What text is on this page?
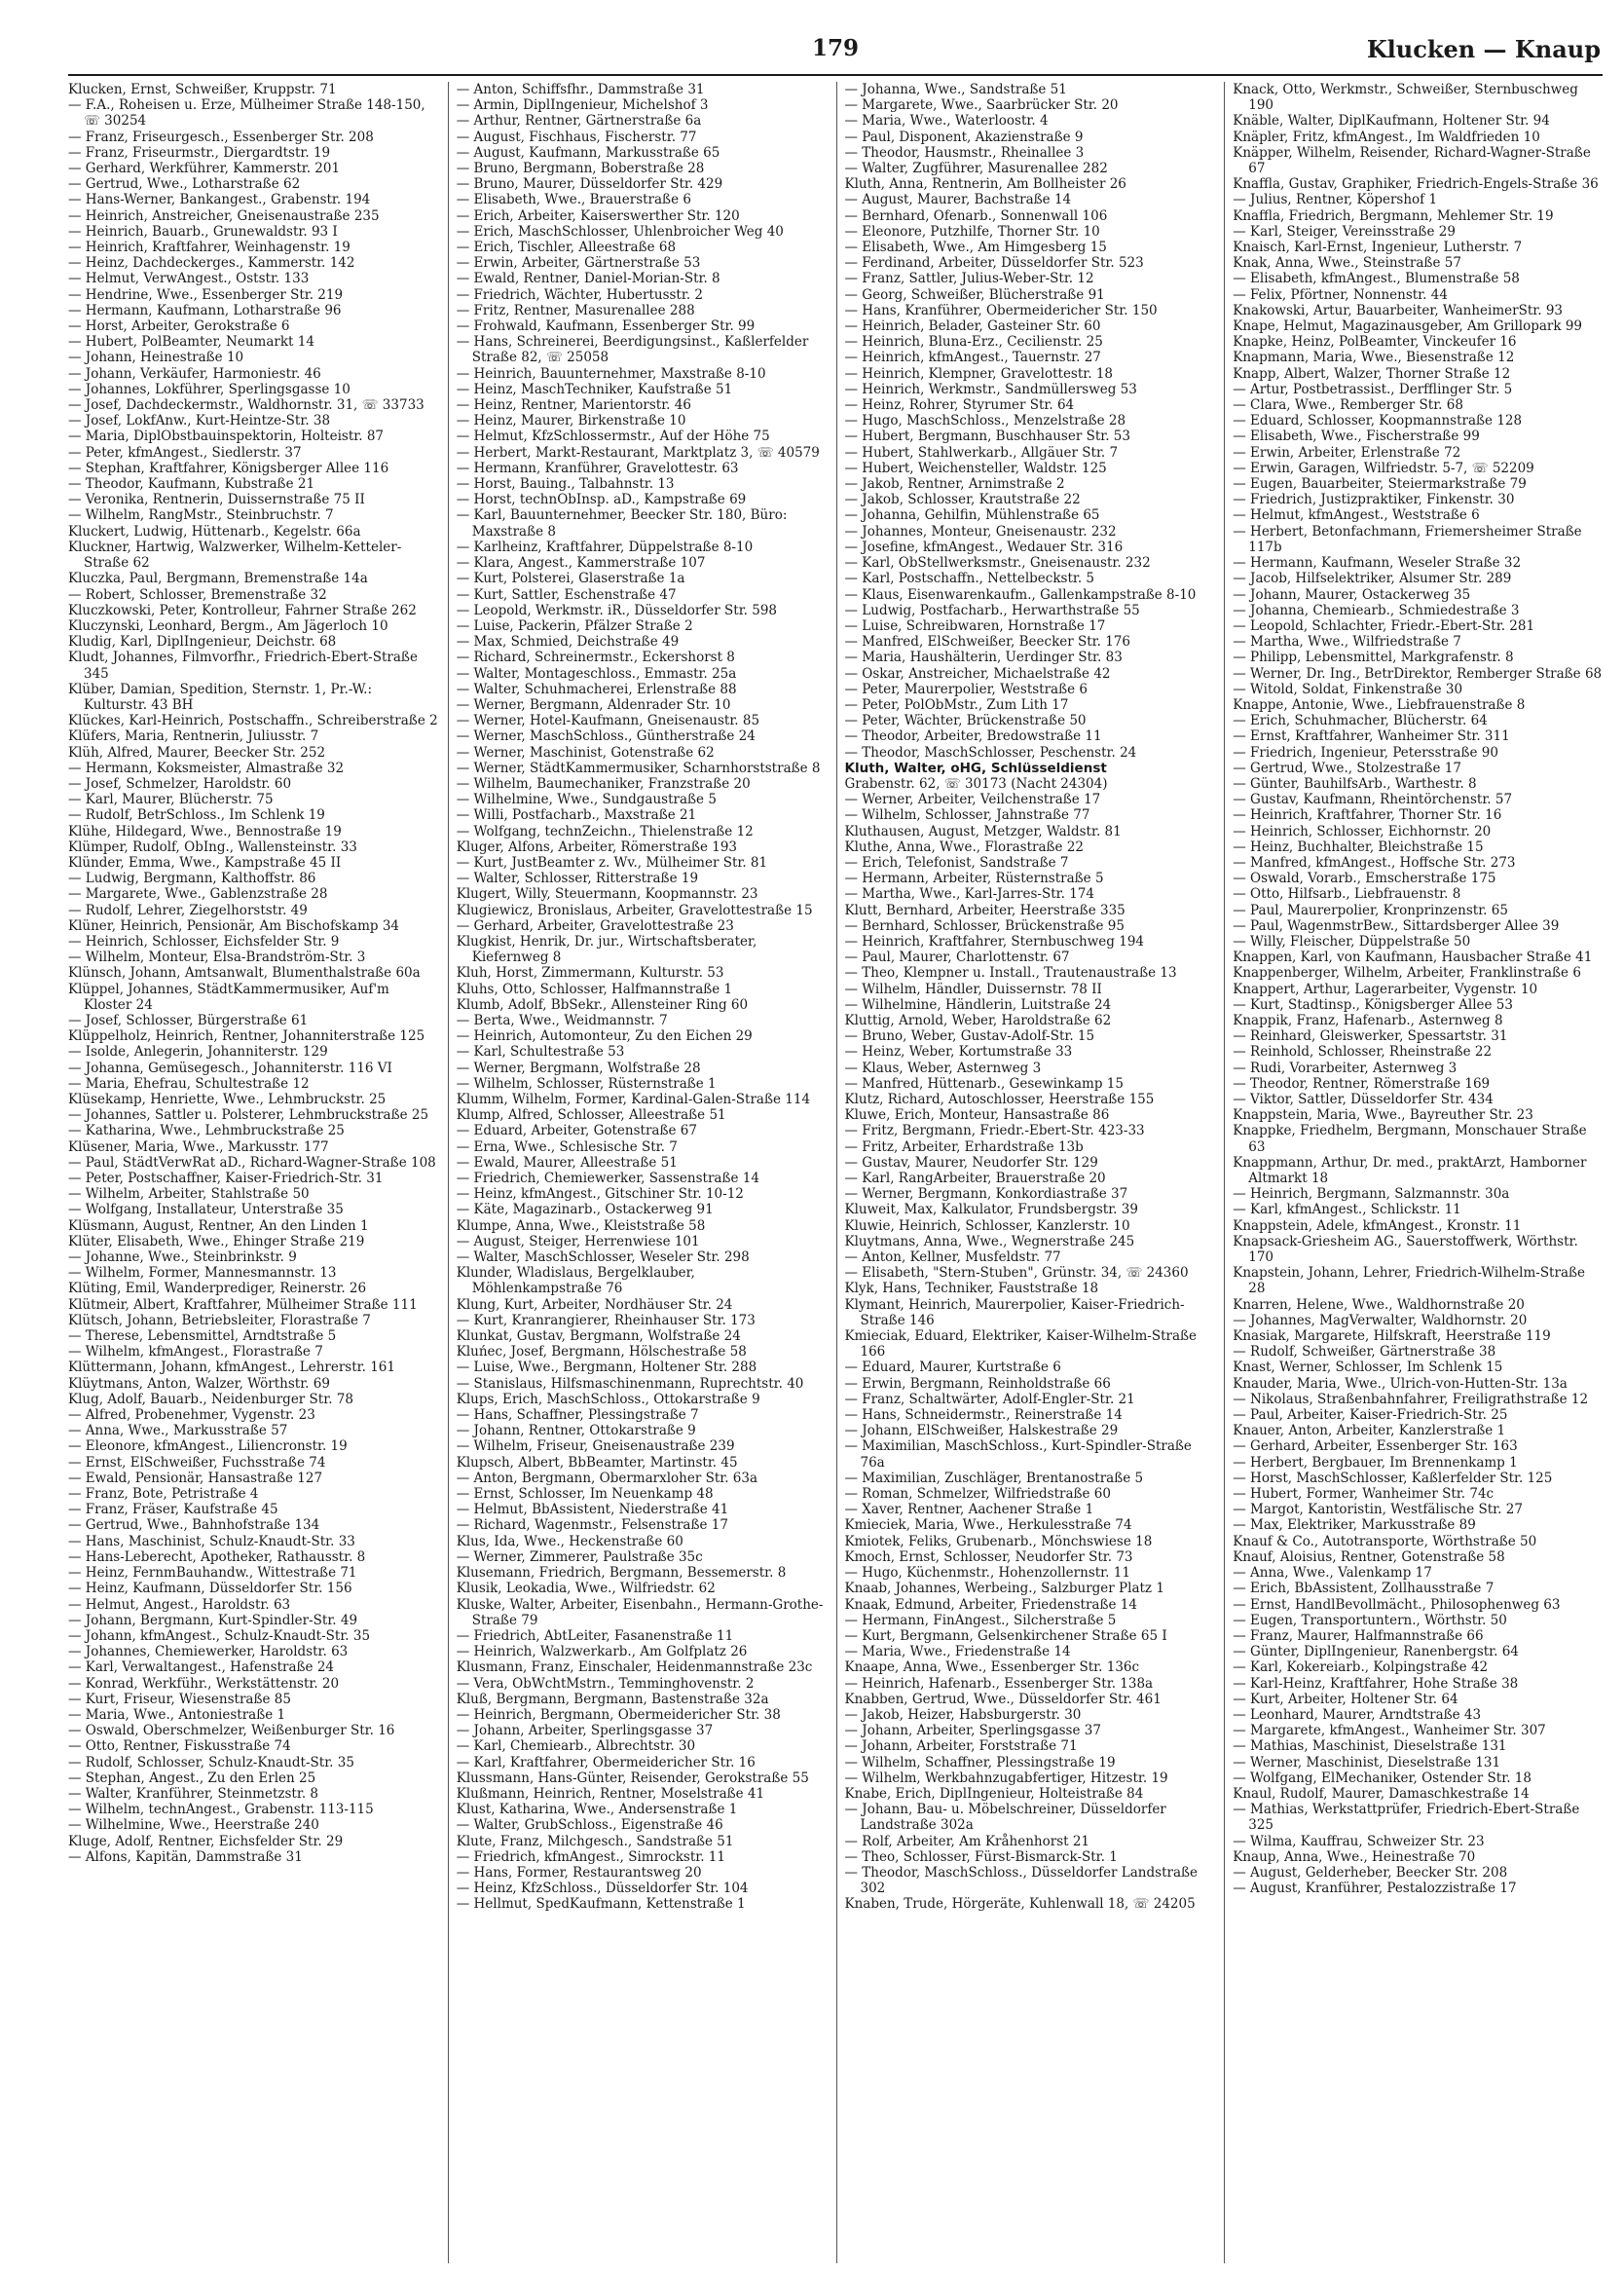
179	Klucken — Knaup

Klucken, Ernst, Schweißer, Kruppstr. 71

— F.A., Roheisen u. Erze, Mülheimer Straße 148-150, ☏ 30254

— Franz, Friseurgesch., Essenberger Str. 208

— Franz, Friseurmstr., Diergardtstr. 19

— Gerhard, Werkführer, Kammerstr. 201

— Gertrud, Wwe., Lotharstraße 62

— Hans-Werner, Bankangest., Grabenstr. 194

— Heinrich, Anstreicher, Gneisenaustraße 235

— Heinrich, Bauarb., Grunewaldstr. 93 I

— Heinrich, Kraftfahrer, Weinhagenstr. 19

— Heinz, Dachdeckerges., Kammerstr. 142

— Helmut, VerwAngest., Oststr. 133

— Hendrine, Wwe., Essenberger Str. 219

— Hermann, Kaufmann, Lotharstraße 96

— Horst, Arbeiter, Gerokstraße 6

— Hubert, PolBeamter, Neumarkt 14

— Johann, Heinestraße 10

— Johann, Verkäufer, Harmoniestr. 46

— Johannes, Lokführer, Sperlingsgasse 10

— Josef, Dachdeckermstr., Waldhornstr. 31, ☏ 33733

— Josef, LokfAnw., Kurt-Heintze-Str. 38

— Maria, DiplObstbauinspektorin, Holteistr. 87

— Peter, kfmAngest., Siedlerstr. 37

— Stephan, Kraftfahrer, Königsberger Allee 116

— Theodor, Kaufmann, Kubstraße 21

— Veronika, Rentnerin, Duissernstraße 75 II

— Wilhelm, RangMstr., Steinbruchstr. 7

Kluckert, Ludwig, Hüttenarb., Kegelstr. 66a

Kluckner, Hartwig, Walzwerker, Wilhelm-Ketteler-Straße 62

Kluczka, Paul, Bergmann, Bremenstraße 14a

— Robert, Schlosser, Bremenstraße 32

Kluczkowski, Peter, Kontrolleur, Fahrner Straße 262

Kluczynski, Leonhard, Bergm., Am Jägerloch 10

Kludig, Karl, DiplIngenieur, Deichstr. 68

Kludt, Johannes, Filmvorfhr., Friedrich-Ebert-Straße 345

Klüber, Damian, Spedition, Sternstr. 1, Pr.-W.: Kulturstr. 43 BH

Klückes, Karl-Heinrich, Postschaffn., Schreiberstraße 2

Klüfers, Maria, Rentnerin, Juliusstr. 7

Klüh, Alfred, Maurer, Beecker Str. 252

— Hermann, Koksmeister, Almastraße 32

— Josef, Schmelzer, Haroldstr. 60

— Karl, Maurer, Blücherstr. 75

— Rudolf, BetrSchloss., Im Schlenk 19

Klühe, Hildegard, Wwe., Bennostraße 19

Klümper, Rudolf, ObIng., Wallensteinstr. 33

Klünder, Emma, Wwe., Kampstraße 45 II

— Ludwig, Bergmann, Kalthoffstr. 86

— Margarete, Wwe., Gablenzstraße 28

— Rudolf, Lehrer, Ziegelhorststr. 49

Klüner, Heinrich, Pensionär, Am Bischofskamp 34

— Heinrich, Schlosser, Eichsfelder Str. 9

— Wilhelm, Monteur, Elsa-Brandström-Str. 3

Klünsch, Johann, Amtsanwalt, Blumenthalstraße 60a

Klüppel, Johannes, StädtKammermusiker, Auf'm Kloster 24

— Josef, Schlosser, Bürgerstraße 61

Klüppelholz, Heinrich, Rentner, Johanniterstraße 125

— Isolde, Anlegerin, Johanniterstr. 129

— Johanna, Gemüsegesch., Johanniterstr. 116 VI

— Maria, Ehefrau, Schultestraße 12

Klüsekamp, Henriette, Wwe., Lehmbruckstr. 25

— Johannes, Sattler u. Polsterer, Lehmbruckstraße 25

— Katharina, Wwe., Lehmbruckstraße 25

Klüsener, Maria, Wwe., Markusstr. 177

— Paul, StädtVerwRat aD., Richard-Wagner-Straße 108

— Peter, Postschaffner, Kaiser-Friedrich-Str. 31

— Wilhelm, Arbeiter, Stahlstraße 50

— Wolfgang, Installateur, Unterstraße 35

Klüsmann, August, Rentner, An den Linden 1

Klüter, Elisabeth, Wwe., Ehinger Straße 219

— Johanne, Wwe., Steinbrinkstr. 9

— Wilhelm, Former, Mannesmannstr. 13

Klüting, Emil, Wanderprediger, Reinerstr. 26

Klütmeir, Albert, Kraftfahrer, Mülheimer Straße 111

Klütsch, Johann, Betriebsleiter, Florastraße 7

— Therese, Lebensmittel, Arndtstraße 5

— Wilhelm, kfmAngest., Florastraße 7

Klüttermann, Johann, kfmAngest., Lehrerstr. 161

Klüytmans, Anton, Walzer, Wörthstr. 69

Klug, Adolf, Bauarb., Neidenburger Str. 78

— Alfred, Probenehmer, Vygenstr. 23

— Anna, Wwe., Markusstraße 57

— Eleonore, kfmAngest., Liliencronstr. 19

— Ernst, ElSchweißer, Fuchsstraße 74

— Ewald, Pensionär, Hansastraße 127

— Franz, Bote, Petristraße 4

— Franz, Fräser, Kaufstraße 45

— Gertrud, Wwe., Bahnhofstraße 134

— Hans, Maschinist, Schulz-Knaudt-Str. 33

— Hans-Leberecht, Apotheker, Rathausstr. 8

— Heinz, FernmBauhandw., Wittestraße 71

— Heinz, Kaufmann, Düsseldorfer Str. 156

— Helmut, Angest., Haroldstr. 63

— Johann, Bergmann, Kurt-Spindler-Str. 49

— Johann, kfmAngest., Schulz-Knaudt-Str. 35

— Johannes, Chemiewerker, Haroldstr. 63

— Karl, Verwaltangest., Hafenstraße 24

— Konrad, Werkführ., Werkstättenstr. 20

— Kurt, Friseur, Wiesenstraße 85

— Maria, Wwe., Antoniestraße 1

— Oswald, Oberschmelzer, Weißenburger Str. 16

— Otto, Rentner, Fiskusstraße 74

— Rudolf, Schlosser, Schulz-Knaudt-Str. 35

— Stephan, Angest., Zu den Erlen 25

— Walter, Kranführer, Steinmetzstr. 8

— Wilhelm, technAngest., Grabenstr. 113-115

— Wilhelmine, Wwe., Heerstraße 240

Kluge, Adolf, Rentner, Eichsfelder Str. 29

— Alfons, Kapitän, Dammstraße 31

— Anton, Schiffsfhr., Dammstraße 31

— Armin, DiplIngenieur, Michelshof 3

— Arthur, Rentner, Gärtnerstraße 6a

— August, Fischhaus, Fischerstr. 77

— August, Kaufmann, Markusstraße 65

— Bruno, Bergmann, Boberstraße 28

— Bruno, Maurer, Düsseldorfer Str. 429

— Elisabeth, Wwe., Brauerstraße 6

— Erich, Arbeiter, Kaiserswerther Str. 120

— Erich, MaschSchlosser, Uhlenbroicher Weg 40

— Erich, Tischler, Alleestraße 68

— Erwin, Arbeiter, Gärtnerstraße 53

— Ewald, Rentner, Daniel-Morian-Str. 8

— Friedrich, Wächter, Hubertusstr. 2

— Fritz, Rentner, Masurenallee 288

— Frohwald, Kaufmann, Essenberger Str. 99

— Hans, Schreinerei, Beerdigungsinst., Kaßlerfelder Straße 82, ☏ 25058

— Heinrich, Bauunternehmer, Maxstraße 8-10

— Heinz, MaschTechniker, Kaufstraße 51

— Heinz, Rentner, Marientorstr. 46

— Heinz, Maurer, Birkenstraße 10

— Helmut, KfzSchlossermstr., Auf der Höhe 75

— Herbert, Markt-Restaurant, Marktplatz 3, ☏ 40579

— Hermann, Kranführer, Gravelottestr. 63

— Horst, Bauing., Talbahnstr. 13

— Horst, technObInsp. aD., Kampstraße 69

— Karl, Bauunternehmer, Beecker Str. 180, Büro: Maxstraße 8

— Karlheinz, Kraftfahrer, Düppelstraße 8-10

— Klara, Angest., Kammerstraße 107

— Kurt, Polsterei, Glaserstraße 1a

— Kurt, Sattler, Eschenstraße 47

— Leopold, Werkmstr. iR., Düsseldorfer Str. 598

— Luise, Packerin, Pfälzer Straße 2

— Max, Schmied, Deichstraße 49

— Richard, Schreinermstr., Eckershorst 8

— Walter, Montageschloss., Emmastr. 25a

— Walter, Schuhmacherei, Erlenstraße 88

— Werner, Bergmann, Aldenrader Str. 10

— Werner, Hotel-Kaufmann, Gneisenaustr. 85

— Werner, MaschSchloss., Güntherstraße 24

— Werner, Maschinist, Gotenstraße 62

— Werner, StädtKammermusiker, Scharnhorststraße 8

— Wilhelm, Baumechaniker, Franzstraße 20

— Wilhelmine, Wwe., Sundgaustraße 5

— Willi, Postfacharb., Maxstraße 21

— Wolfgang, technZeichn., Thielenstraße 12

Kluger, Alfons, Arbeiter, Römerstraße 193

— Kurt, JustBeamter z. Wv., Mülheimer Str. 81

— Walter, Schlosser, Ritterstraße 19

Klugert, Willy, Steuermann, Koopmannstr. 23

Klugiewicz, Bronislaus, Arbeiter, Gravelottestraße 15

— Gerhard, Arbeiter, Gravelottestraße 23

Klugkist, Henrik, Dr. jur., Wirtschaftsberater, Kiefernweg 8

Kluh, Horst, Zimmermann, Kulturstr. 53

Kluhs, Otto, Schlosser, Halfmannstraße 1

Klumb, Adolf, BbSekr., Allensteiner Ring 60

— Berta, Wwe., Weidmannstr. 7

— Heinrich, Automonteur, Zu den Eichen 29

— Karl, Schultestraße 53

— Werner, Bergmann, Wolfstraße 28

— Wilhelm, Schlosser, Rüsternstraße 1

Klumm, Wilhelm, Former, Kardinal-Galen-Straße 114

Klump, Alfred, Schlosser, Alleestraße 51

— Eduard, Arbeiter, Gotenstraße 67

— Erna, Wwe., Schlesische Str. 7

— Ewald, Maurer, Alleestraße 51

— Friedrich, Chemiewerker, Sassenstraße 14

— Heinz, kfmAngest., Gitschiner Str. 10-12

— Käte, Magazinarb., Ostackerweg 91

Klumpe, Anna, Wwe., Kleiststraße 58

— August, Steiger, Herrenwiese 101

— Walter, MaschSchlosser, Weseler Str. 298

Klunder, Wladislaus, Bergelklauber, Möhlenkampstraße 76

Klung, Kurt, Arbeiter, Nordhäuser Str. 24

— Kurt, Kranrangierer, Rheinhauser Str. 173

Klunkat, Gustav, Bergmann, Wolfstraße 24

Kluńec, Josef, Bergmann, Hölschestraße 58

— Luise, Wwe., Bergmann, Holtener Str. 288

— Stanislaus, Hilfsmaschinenmann, Ruprechtstr. 40

Klups, Erich, MaschSchloss., Ottokarstraße 9

— Hans, Schaffner, Plessingstraße 7

— Johann, Rentner, Ottokarstraße 9

— Wilhelm, Friseur, Gneisenaustraße 239

Klupsch, Albert, BbBeamter, Martinstr. 45

— Anton, Bergmann, Obermarxloher Str. 63a

— Ernst, Schlosser, Im Neuenkamp 48

— Helmut, BbAssistent, Niederstraße 41

— Richard, Wagenmstr., Felsenstraße 17

Klus, Ida, Wwe., Heckenstraße 60

— Werner, Zimmerer, Paulstraße 35c

Klusemann, Friedrich, Bergmann, Bessemerstr. 8

Klusik, Leokadia, Wwe., Wilfriedstr. 62

Kluske, Walter, Arbeiter, Eisenbahn., Hermann-Grothe-Straße 79

— Friedrich, AbtLeiter, Fasanenstraße 11

— Heinrich, Walzwerkarb., Am Golfplatz 26

Klusmann, Franz, Einschaler, Heidenmannstraße 23c

— Vera, ObWchtMstrn., Temminghovenstr. 2

Kluß, Bergmann, Bergmann, Bastenstraße 32a

— Heinrich, Bergmann, Obermeidericher Str. 38

— Johann, Arbeiter, Sperlingsgasse 37

— Karl, Chemiearb., Albrechtstr. 30

— Karl, Kraftfahrer, Obermeidericher Str. 16

Klussmann, Hans-Günter, Reisender, Gerokstraße 55

Klußmann, Heinrich, Rentner, Moselstraße 41

Klust, Katharina, Wwe., Andersenstraße 1

— Walter, GrubSchloss., Eigenstraße 46

Klute, Franz, Milchgesch., Sandstraße 51

— Friedrich, kfmAngest., Simrockstr. 11

— Hans, Former, Restaurantsweg 20

— Heinz, KfzSchloss., Düsseldorfer Str. 104

— Hellmut, SpedKaufmann, Kettenstraße 1

— Johanna, Wwe., Sandstraße 51

— Margarete, Wwe., Saarbrücker Str. 20

— Maria, Wwe., Waterloostr. 4

— Paul, Disponent, Akazienstraße 9

— Theodor, Hausmstr., Rheinallee 3

— Walter, Zugführer, Masurenallee 282

Kluth, Anna, Rentnerin, Am Bollheister 26

— August, Maurer, Bachstraße 14

— Bernhard, Ofenarb., Sonnenwall 106

— Eleonore, Putzhilfe, Thorner Str. 10

— Elisabeth, Wwe., Am Himgesberg 15

— Ferdinand, Arbeiter, Düsseldorfer Str. 523

— Franz, Sattler, Julius-Weber-Str. 12

— Georg, Schweißer, Blücherstraße 91

— Hans, Kranführer, Obermeidericher Str. 150

— Heinrich, Belader, Gasteiner Str. 60

— Heinrich, Bluna-Erz., Cecilienstr. 25

— Heinrich, kfmAngest., Tauernstr. 27

— Heinrich, Klempner, Gravelottestr. 18

— Heinrich, Werkmstr., Sandmüllersweg 53

— Heinz, Rohrer, Styrumer Str. 64

— Hugo, MaschSchloss., Menzelstraße 28

— Hubert, Bergmann, Buschhauser Str. 53

— Hubert, Stahlwerkarb., Allgäuer Str. 7

— Hubert, Weichensteller, Waldstr. 125

— Jakob, Rentner, Arnimstraße 2

— Jakob, Schlosser, Krautstraße 22

— Johanna, Gehilfin, Mühlenstraße 65

— Johannes, Monteur, Gneisenaustr. 232

— Josefine, kfmAngest., Wedauer Str. 316

— Karl, ObStellwerksmstr., Gneisenaustr. 232

— Karl, Postschaffn., Nettelbeckstr. 5

— Klaus, Eisenwarenkaufm., Gallenkampstraße 8-10

— Ludwig, Postfacharb., Herwarthstraße 55

— Luise, Schreibwaren, Hornstraße 17

— Manfred, ElSchweißer, Beecker Str. 176

— Maria, Haushälterin, Uerdinger Str. 83

— Oskar, Anstreicher, Michaelstraße 42

— Peter, Maurerpolier, Weststraße 6

— Peter, PolObMstr., Zum Lith 17

— Peter, Wächter, Brückenstraße 50

— Theodor, Arbeiter, Bredowstraße 11

— Theodor, MaschSchlosser, Peschenstr. 24

Kluth, Walter, oHG, Schlüsseldienst

Grabenstr. 62, ☏ 30173 (Nacht 24304)

— Werner, Arbeiter, Veilchenstraße 17

— Wilhelm, Schlosser, Jahnstraße 77

Kluthausen, August, Metzger, Waldstr. 81

Kluthe, Anna, Wwe., Florastraße 22

— Erich, Telefonist, Sandstraße 7

— Hermann, Arbeiter, Rüsternstraße 5

— Martha, Wwe., Karl-Jarres-Str. 174

Klutt, Bernhard, Arbeiter, Heerstraße 335

— Bernhard, Schlosser, Brückenstraße 95

— Heinrich, Kraftfahrer, Sternbuschweg 194

— Paul, Maurer, Charlottenstr. 67

— Theo, Klempner u. Install., Trautenaustraße 13

— Wilhelm, Händler, Duissernstr. 78 II

— Wilhelmine, Händlerin, Luitstraße 24

Kluttig, Arnold, Weber, Haroldstraße 62

— Bruno, Weber, Gustav-Adolf-Str. 15

— Heinz, Weber, Kortumstraße 33

— Klaus, Weber, Asternweg 3

— Manfred, Hüttenarb., Gesewinkamp 15

Klutz, Richard, Autoschlosser, Heerstraße 155

Kluwe, Erich, Monteur, Hansastraße 86

— Fritz, Bergmann, Friedr.-Ebert-Str. 423-33

— Fritz, Arbeiter, Erhardstraße 13b

— Gustav, Maurer, Neudorfer Str. 129

— Karl, RangArbeiter, Brauerstraße 20

— Werner, Bergmann, Konkordiastraße 37

Kluweit, Max, Kalkulator, Frundsbergstr. 39

Kluwie, Heinrich, Schlosser, Kanzlerstr. 10

Kluytmans, Anna, Wwe., Wegnerstraße 245

— Anton, Kellner, Musfeldstr. 77

— Elisabeth, "Stern-Stuben", Grünstr. 34, ☏ 24360

Klyk, Hans, Techniker, Fauststraße 18

Klymant, Heinrich, Maurerpolier, Kaiser-Friedrich-Straße 146

Kmieciak, Eduard, Elektriker, Kaiser-Wilhelm-Straße 166

— Eduard, Maurer, Kurtstraße 6

— Erwin, Bergmann, Reinholdstraße 66

— Franz, Schaltwärter, Adolf-Engler-Str. 21

— Hans, Schneidermstr., Reinerstraße 14

— Johann, ElSchweißer, Halskestraße 29

— Maximilian, MaschSchloss., Kurt-Spindler-Straße 76a

— Maximilian, Zuschläger, Brentanostraße 5

— Roman, Schmelzer, Wilfriedstraße 60

— Xaver, Rentner, Aachener Straße 1

Kmieciek, Maria, Wwe., Herkulesstraße 74

Kmiotek, Feliks, Grubenarb., Mönchswiese 18

Kmoch, Ernst, Schlosser, Neudorfer Str. 73

— Hugo, Küchenmstr., Hohenzollernstr. 11

Knaab, Johannes, Werbeing., Salzburger Platz 1

Knaak, Edmund, Arbeiter, Friedenstraße 14

— Hermann, FinAngest., Silcherstraße 5

— Kurt, Bergmann, Gelsenkirchener Straße 65 I

— Maria, Wwe., Friedenstraße 14

Knaape, Anna, Wwe., Essenberger Str. 136c

— Heinrich, Hafenarb., Essenberger Str. 138a

Knabben, Gertrud, Wwe., Düsseldorfer Str. 461

— Jakob, Heizer, Habsburgerstr. 30

— Johann, Arbeiter, Sperlingsgasse 37

— Johann, Arbeiter, Forststraße 71

— Wilhelm, Schaffner, Plessingstraße 19

— Wilhelm, Werkbahnzugabfertiger, Hitzestr. 19

Knabe, Erich, DiplIngenieur, Holteistraße 84

— Johann, Bau- u. Möbelschreiner, Düsseldorfer Landstraße 302a

— Rolf, Arbeiter, Am Kråhenhorst 21

— Theo, Schlosser, Fürst-Bismarck-Str. 1

— Theodor, MaschSchloss., Düsseldorfer Landstraße 302

Knaben, Trude, Hörgeräte, Kuhlenwall 18, ☏ 24205

Knack, Otto, Werkmstr., Schweißer, Sternbuschweg 190

Knäble, Walter, DiplKaufmann, Holtener Str. 94

Knäpler, Fritz, kfmAngest., Im Waldfrieden 10

Knäpper, Wilhelm, Reisender, Richard-Wagner-Straße 67

Knaffla, Gustav, Graphiker, Friedrich-Engels-Straße 36

— Julius, Rentner, Köpershof 1

Knaffla, Friedrich, Bergmann, Mehlemer Str. 19

— Karl, Steiger, Vereinsstraße 29

Knaisch, Karl-Ernst, Ingenieur, Lutherstr. 7

Knak, Anna, Wwe., Steinstraße 57

— Elisabeth, kfmAngest., Blumenstraße 58

— Felix, Pförtner, Nonnenstr. 44

Knakowski, Artur, Bauarbeiter, WanheimerStr. 93

Knape, Helmut, Magazinausgeber, Am Grillopark 99

Knapke, Heinz, PolBeamter, Vinckeufer 16

Knapmann, Maria, Wwe., Biesenstraße 12

Knapp, Albert, Walzer, Thorner Straße 12

— Artur, Postbetrassist., Derfflinger Str. 5

— Clara, Wwe., Remberger Str. 68

— Eduard, Schlosser, Koopmannstraße 128

— Elisabeth, Wwe., Fischerstraße 99

— Erwin, Arbeiter, Erlenstraße 72

— Erwin, Garagen, Wilfriedstr. 5-7, ☏ 52209

— Eugen, Bauarbeiter, Steiermarkstraße 79

— Friedrich, Justizpraktiker, Finkenstr. 30

— Helmut, kfmAngest., Weststraße 6

— Herbert, Betonfachmann, Friemersheimer Straße 117b

— Hermann, Kaufmann, Weseler Straße 32

— Jacob, Hilfselektriker, Alsumer Str. 289

— Johann, Maurer, Ostackerweg 35

— Johanna, Chemiearb., Schmiedestraße 3

— Leopold, Schlachter, Friedr.-Ebert-Str. 281

— Martha, Wwe., Wilfriedstraße 7

— Philipp, Lebensmittel, Markgrafenstr. 8

— Werner, Dr. Ing., BetrDirektor, Remberger Straße 68

— Witold, Soldat, Finkenstraße 30

Knappe, Antonie, Wwe., Liebfrauenstraße 8

— Erich, Schuhmacher, Blücherstr. 64

— Ernst, Kraftfahrer, Wanheimer Str. 311

— Friedrich, Ingenieur, Petersstraße 90

— Gertrud, Wwe., Stolzestraße 17

— Günter, BauhilfsArb., Warthestr. 8

— Gustav, Kaufmann, Rheintörchenstr. 57

— Heinrich, Kraftfahrer, Thorner Str. 16

— Heinrich, Schlosser, Eichhornstr. 20

— Heinz, Buchhalter, Bleichstraße 15

— Manfred, kfmAngest., Hoffsche Str. 273

— Oswald, Vorarb., Emscherstraße 175

— Otto, Hilfsarb., Liebfrauenstr. 8

— Paul, Maurerpolier, Kronprinzenstr. 65

— Paul, WagenmstrBew., Sittardsberger Allee 39

— Willy, Fleischer, Düppelstraße 50

Knappen, Karl, von Kaufmann, Hausbacher Straße 41

Knappenberger, Wilhelm, Arbeiter, Franklinstraße 6

Knappert, Arthur, Lagerarbeiter, Vygenstr. 10

— Kurt, Stadtinsp., Königsberger Allee 53

Knappik, Franz, Hafenarb., Asternweg 8

— Reinhard, Gleiswerker, Spessartstr. 31

— Reinhold, Schlosser, Rheinstraße 22

— Rudi, Vorarbeiter, Asternweg 3

— Theodor, Rentner, Römerstraße 169

— Viktor, Sattler, Düsseldorfer Str. 434

Knappstein, Maria, Wwe., Bayreuther Str. 23

Knappke, Friedhelm, Bergmann, Monschauer Straße 63

Knappmann, Arthur, Dr. med., praktArzt, Hamborner Altmarkt 18

— Heinrich, Bergmann, Salzmannstr. 30a

— Karl, kfmAngest., Schlickstr. 11

Knappstein, Adele, kfmAngest., Kronstr. 11

Knapsack-Griesheim AG., Sauerstoffwerk, Wörthstr. 170

Knapstein, Johann, Lehrer, Friedrich-Wilhelm-Straße 28

Knarren, Helene, Wwe., Waldhornstraße 20

— Johannes, MagVerwalter, Waldhornstr. 20

Knasiak, Margarete, Hilfskraft, Heerstraße 119

— Rudolf, Schweißer, Gärtnerstraße 38

Knast, Werner, Schlosser, Im Schlenk 15

Knauder, Maria, Wwe., Ulrich-von-Hutten-Str. 13a

— Nikolaus, Straßenbahnfahrer, Freiligrathstraße 12

— Paul, Arbeiter, Kaiser-Friedrich-Str. 25

Knauer, Anton, Arbeiter, Kanzlerstraße 1

— Gerhard, Arbeiter, Essenberger Str. 163

— Herbert, Bergbauer, Im Brennenkamp 1

— Horst, MaschSchlosser, Kaßlerfelder Str. 125

— Hubert, Former, Wanheimer Str. 74c

— Margot, Kantoristin, Westfälische Str. 27

— Max, Elektriker, Markusstraße 89

Knauf & Co., Autotransporte, Wörthstraße 50

Knauf, Aloisius, Rentner, Gotenstraße 58

— Anna, Wwe., Valenkamp 17

— Erich, BbAssistent, Zollhausstraße 7

— Ernst, HandlBevollmächt., Philosophenweg 63

— Eugen, Transportuntern., Wörthstr. 50

— Franz, Maurer, Halfmannstraße 66

— Günter, DiplIngenieur, Ranenbergstr. 64

— Karl, Kokereiarb., Kolpingstraße 42

— Karl-Heinz, Kraftfahrer, Hohe Straße 38

— Kurt, Arbeiter, Holtener Str. 64

— Leonhard, Maurer, Arndtstraße 43

— Margarete, kfmAngest., Wanheimer Str. 307

— Mathias, Maschinist, Dieselstraße 131

— Werner, Maschinist, Dieselstraße 131

— Wolfgang, ElMechaniker, Ostender Str. 18

Knaul, Rudolf, Maurer, Damaschkestraße 14

— Mathias, Werkstattprüfer, Friedrich-Ebert-Straße 325

— Wilma, Kauffrau, Schweizer Str. 23

Knaup, Anna, Wwe., Heinestraße 70

— August, Gelderheber, Beecker Str. 208

— August, Kranführer, Pestalozzistraße 17
